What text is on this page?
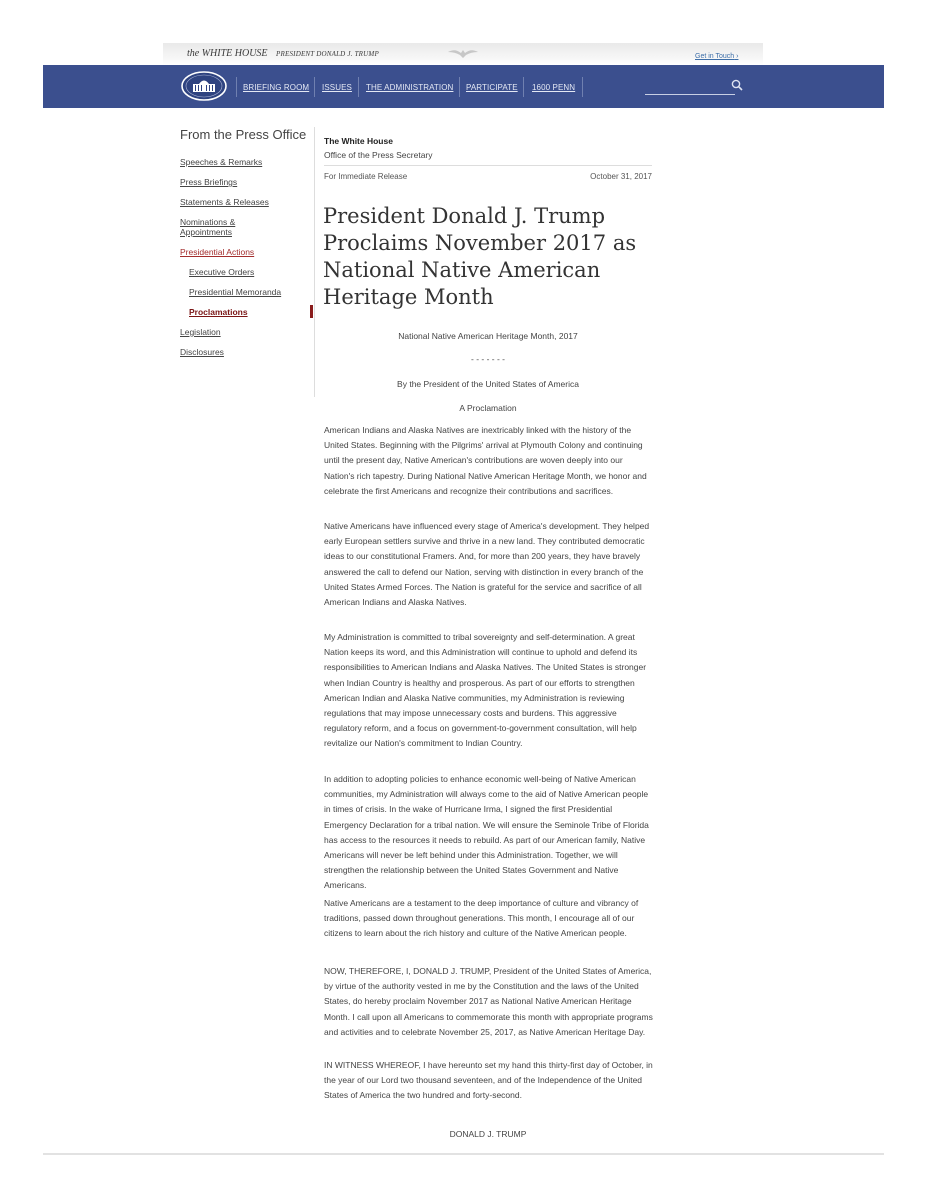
the WHITE HOUSE PRESIDENT DONALD J. TRUMP	Get in Touch ›
BRIEFING ROOM ISSUES THE ADMINISTRATION PARTICIPATE 1600 PENN
From the Press Office
Speeches & Remarks
Press Briefings
Statements & Releases
Nominations &
Appointments
Presidential Actions
Executive Orders
Presidential Memoranda
Proclamations
Legislation
Disclosures
The White House
Office of the Press Secretary
For Immediate Release	October 31, 2017
President Donald J. Trump Proclaims November 2017 as National Native American Heritage Month
National Native American Heritage Month, 2017
- - - - - - -
By the President of the United States of America
A Proclamation

American Indians and Alaska Natives are inextricably linked with the history of the United States. Beginning with the Pilgrims' arrival at Plymouth Colony and continuing until the present day, Native American's contributions are woven deeply into our Nation's rich tapestry. During National Native American Heritage Month, we honor and celebrate the first Americans and recognize their contributions and sacrifices.

Native Americans have influenced every stage of America's development. They helped early European settlers survive and thrive in a new land. They contributed democratic ideas to our constitutional Framers. And, for more than 200 years, they have bravely answered the call to defend our Nation, serving with distinction in every branch of the United States Armed Forces. The Nation is grateful for the service and sacrifice of all American Indians and Alaska Natives.

My Administration is committed to tribal sovereignty and self-determination. A great Nation keeps its word, and this Administration will continue to uphold and defend its responsibilities to American Indians and Alaska Natives. The United States is stronger when Indian Country is healthy and prosperous. As part of our efforts to strengthen American Indian and Alaska Native communities, my Administration is reviewing regulations that may impose unnecessary costs and burdens. This aggressive regulatory reform, and a focus on government-to-government consultation, will help revitalize our Nation's commitment to Indian Country.

In addition to adopting policies to enhance economic well-being of Native American communities, my Administration will always come to the aid of Native American people in times of crisis. In the wake of Hurricane Irma, I signed the first Presidential Emergency Declaration for a tribal nation. We will ensure the Seminole Tribe of Florida has access to the resources it needs to rebuild. As part of our American family, Native Americans will never be left behind under this Administration. Together, we will strengthen the relationship between the United States Government and Native Americans.

Native Americans are a testament to the deep importance of culture and vibrancy of traditions, passed down throughout generations. This month, I encourage all of our citizens to learn about the rich history and culture of the Native American people.

NOW, THEREFORE, I, DONALD J. TRUMP, President of the United States of America, by virtue of the authority vested in me by the Constitution and the laws of the United States, do hereby proclaim November 2017 as National Native American Heritage Month. I call upon all Americans to commemorate this month with appropriate programs and activities and to celebrate November 25, 2017, as Native American Heritage Day.

IN WITNESS WHEREOF, I have hereunto set my hand this thirty-first day of October, in the year of our Lord two thousand seventeen, and of the Independence of the United States of America the two hundred and forty-second.

DONALD J. TRUMP
